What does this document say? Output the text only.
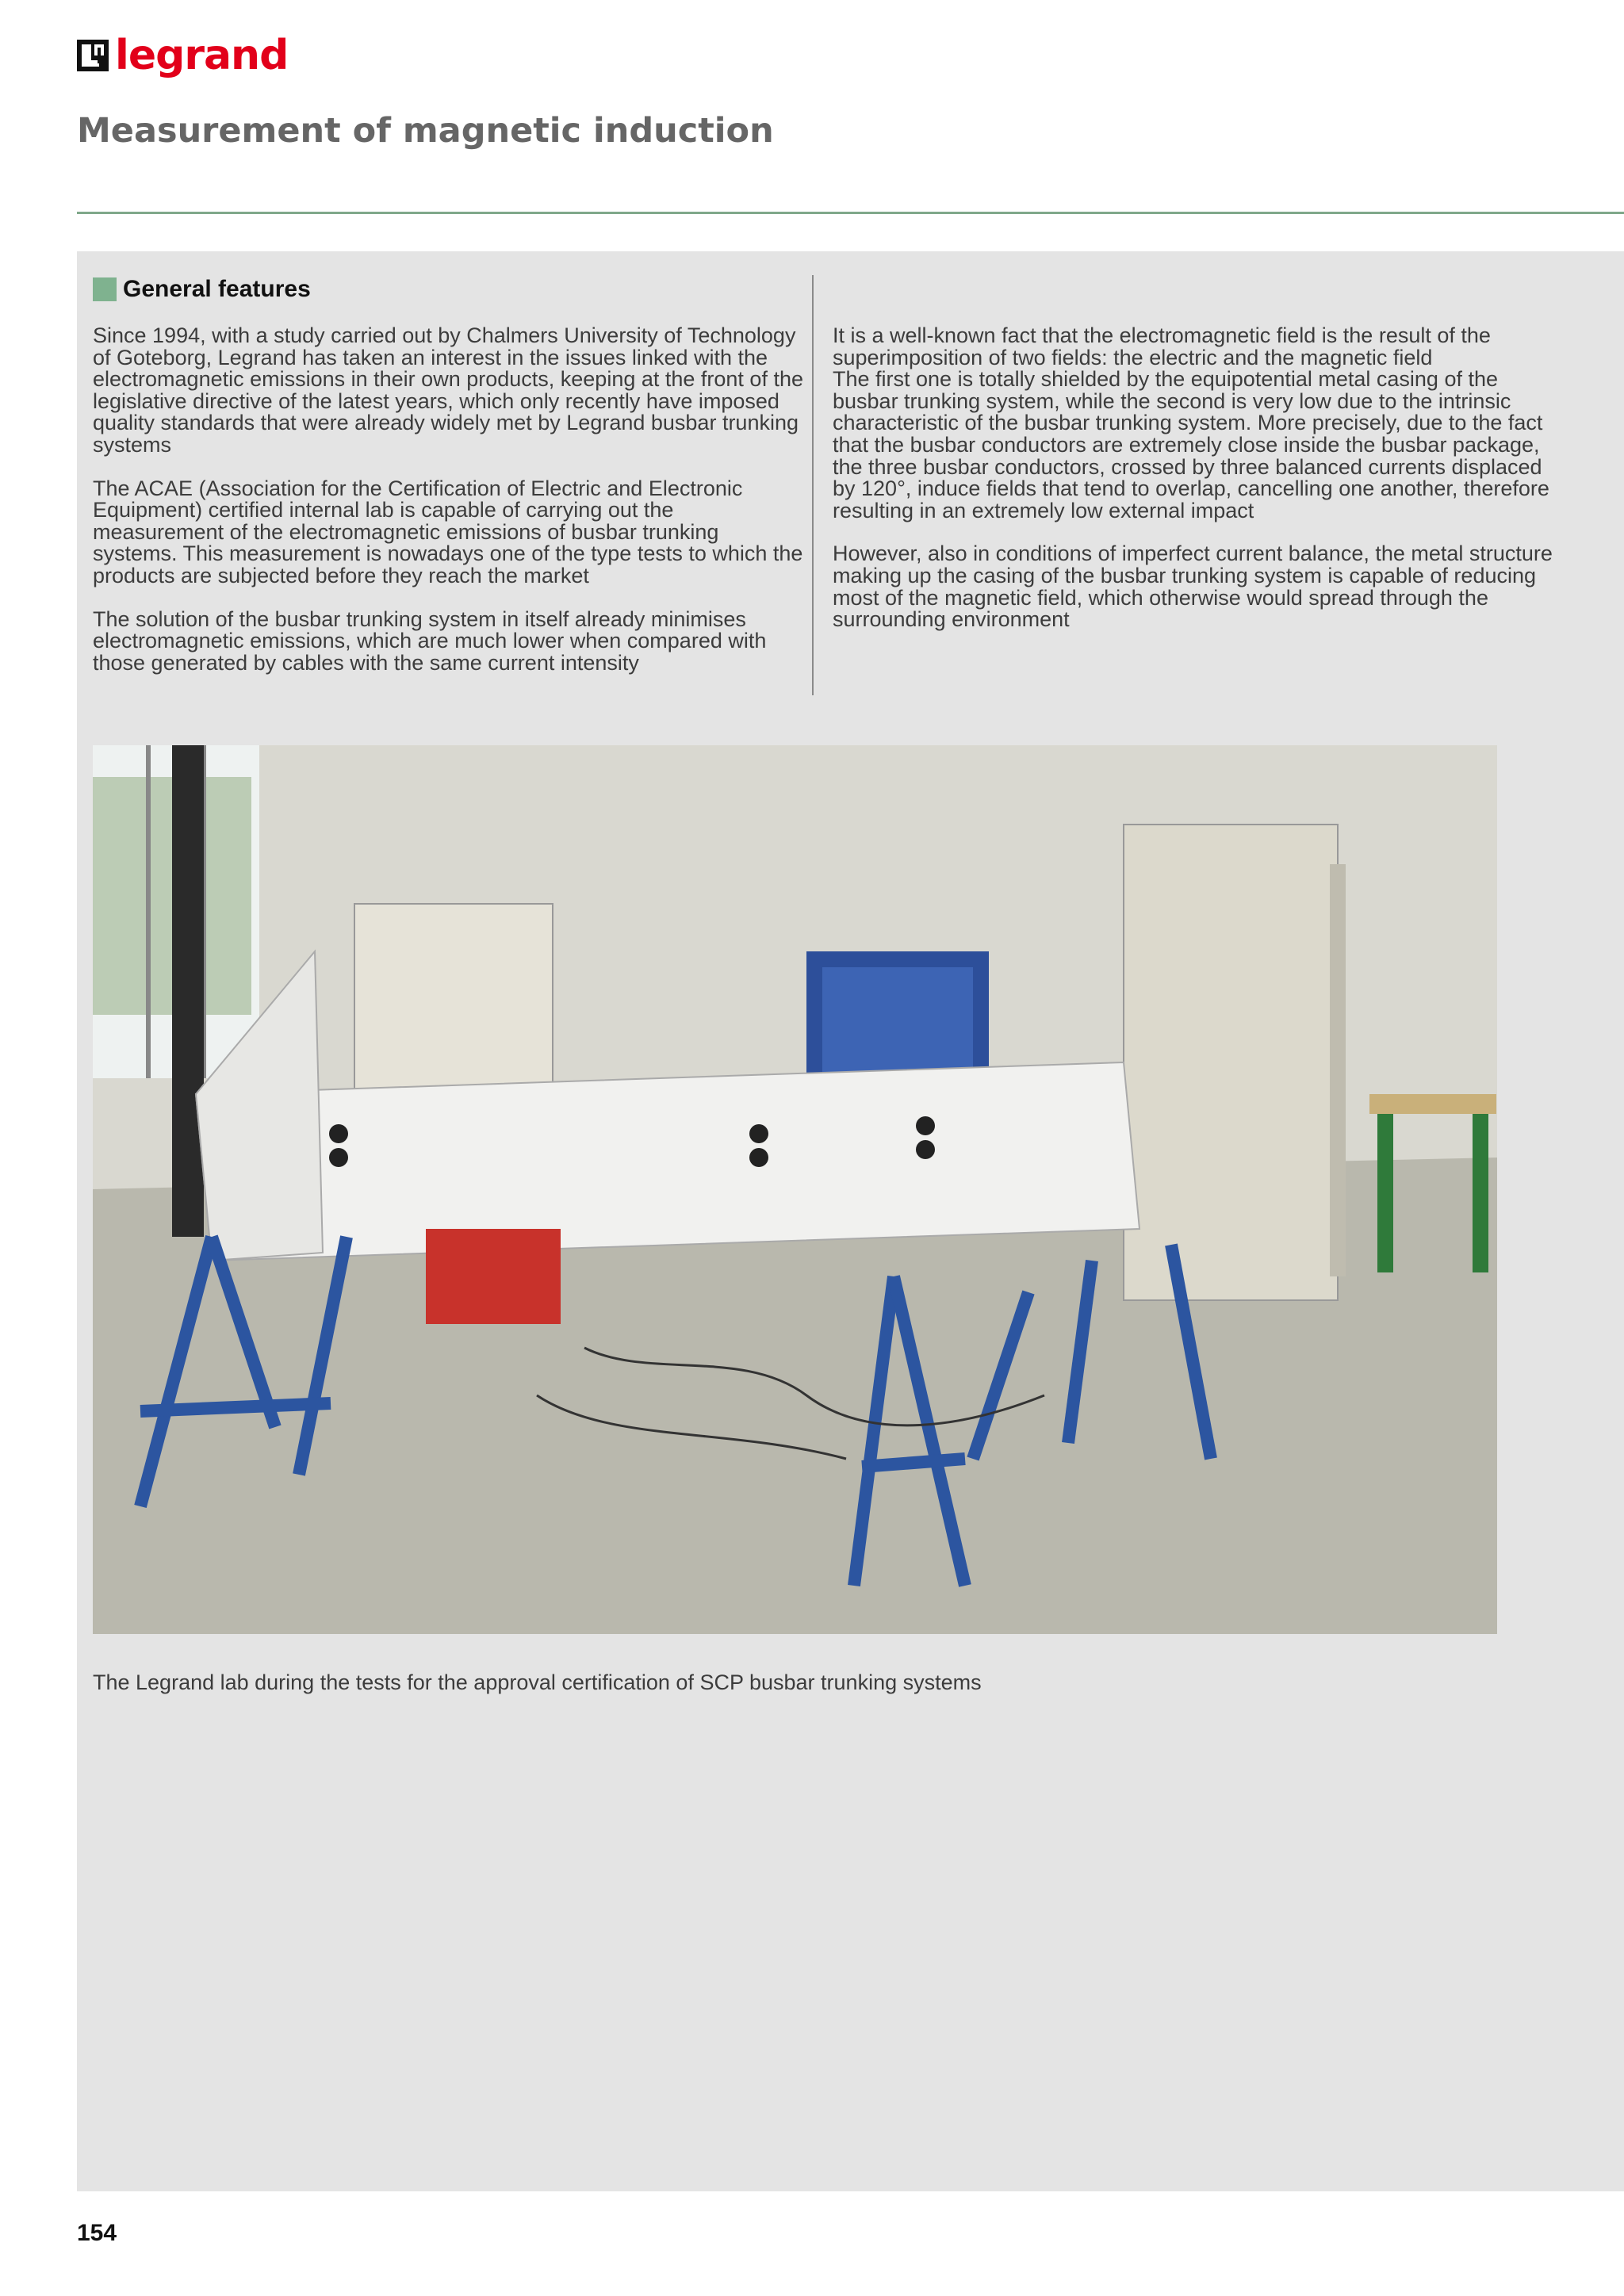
legrand
Measurement of magnetic induction
General features

Since 1994, with a study carried out by Chalmers University of Technology of Goteborg, Legrand has taken an interest in the issues linked with the electromagnetic emissions in their own products, keeping at the front of the legislative directive of the latest years, which only recently have imposed quality standards that were already widely met by Legrand busbar trunking systems

The ACAE (Association for the Certification of Electric and Electronic Equipment) certified internal lab is capable of carrying out the measurement of the electromagnetic emissions of busbar trunking systems. This measurement is nowadays one of the type tests to which the products are subjected before they reach the market

The solution of the busbar trunking system in itself already minimises electromagnetic emissions, which are much lower when compared with those generated by cables with the same current intensity

It is a well-known fact that the electromagnetic field is the result of the superimposition of two fields: the electric and the magnetic field
The first one is totally shielded by the equipotential metal casing of the busbar trunking system, while the second is very low due to the intrinsic characteristic of the busbar trunking system. More precisely, due to the fact that the busbar conductors are extremely close inside the busbar package, the three busbar conductors, crossed by three balanced currents displaced by 120°, induce fields that tend to overlap, cancelling one another, therefore resulting in an extremely low external impact

However, also in conditions of imperfect current balance, the metal structure making up the casing of the busbar trunking system is capable of reducing most of the magnetic field, which otherwise would spread through the surrounding environment

The Legrand lab during the tests for the approval certification of SCP busbar trunking systems
154
